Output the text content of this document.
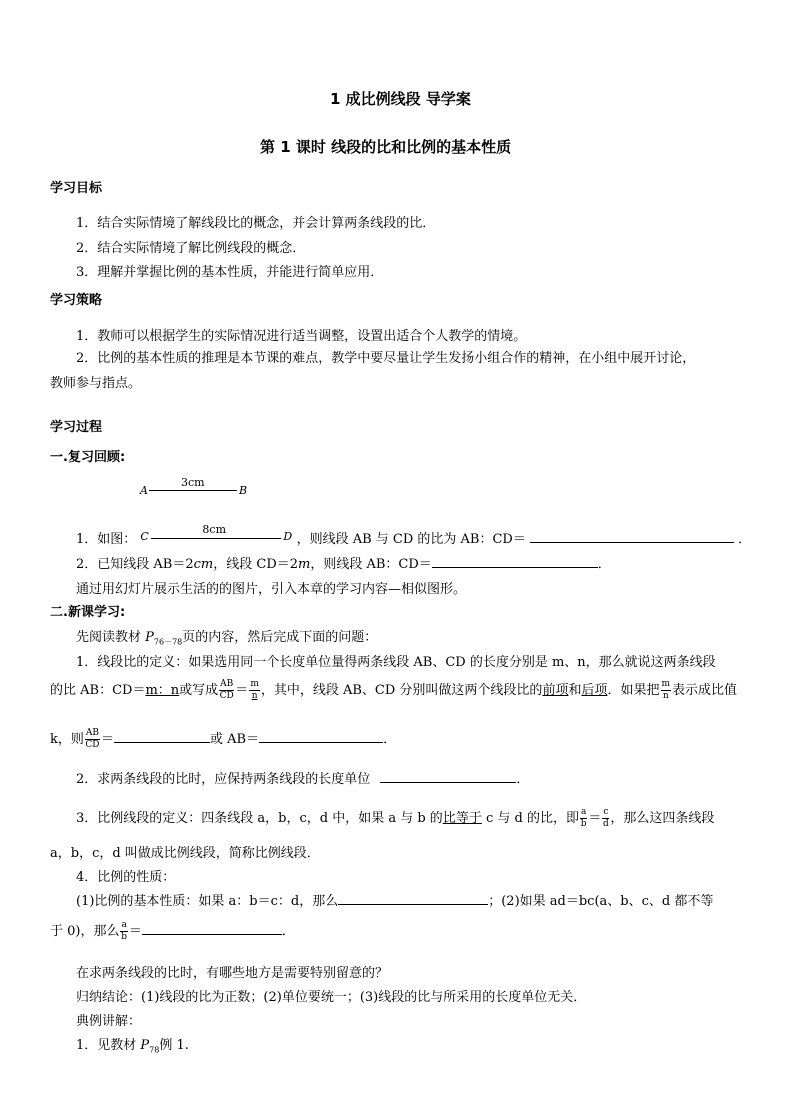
1 成比例线段 导学案
第 1 课时 线段的比和比例的基本性质
学习目标
1．结合实际情境了解线段比的概念，并会计算两条线段的比．
2．结合实际情境了解比例线段的概念．
3．理解并掌握比例的基本性质，并能进行简单应用．
学习策略
1．教师可以根据学生的实际情况进行适当调整，设置出适合个人教学的情境。
2．比例的基本性质的推理是本节课的难点，教学中要尽量让学生发扬小组合作的精神，在小组中展开讨论，
教师参与指点。
学习过程
一.复习回顾:
A
3cm
B
1．如图： C
8cm
D ，则线段 AB 与 CD 的比为 AB：CD＝	．
2．已知线段 AB＝2cm，线段 CD＝2m，则线段 AB：CD＝	．
通过用幻灯片展示生活的的图片，引入本章的学习内容—相似图形。
二.新课学习:
先阅读教材 $P_{76-78}$页的内容，然后完成下面的问题：
1．线段比的定义：如果选用同一个长度单位量得两条线段 AB、CD 的长度分别是 m、n，那么就说这两条线段
的比 AB：CD＝m：n或写成 $\frac{AB}{CD} = \frac{m}{n}$ ，其中，线段 AB、CD 分别叫做这两个线段比的前项和后项．如果把 $\frac{m}{n}$ 表示成比值
k，则 $\frac{AB}{CD}$ ＝	或 AB＝	．
2．求两条线段的比时，应保持两条线段的长度单位	．
3．比例线段的定义：四条线段 a，b，c，d 中，如果 a 与 b 的比等于 c 与 d 的比，即 $\frac{a}{b} = \frac{c}{d}$ ，那么这四条线段
a，b，c，d 叫做成比例线段，简称比例线段．
4．比例的性质：
(1)比例的基本性质：如果 a：b＝c：d，那么	；(2)如果 ad＝bc(a、b、c、d 都不等
于 0)，那么 $\frac{a}{b}$ ＝	．
在求两条线段的比时，有哪些地方是需要特别留意的？
归纳结论：(1)线段的比为正数；(2)单位要统一；(3)线段的比与所采用的长度单位无关．
典例讲解：
1．见教材 $P_{78}$例 1.
